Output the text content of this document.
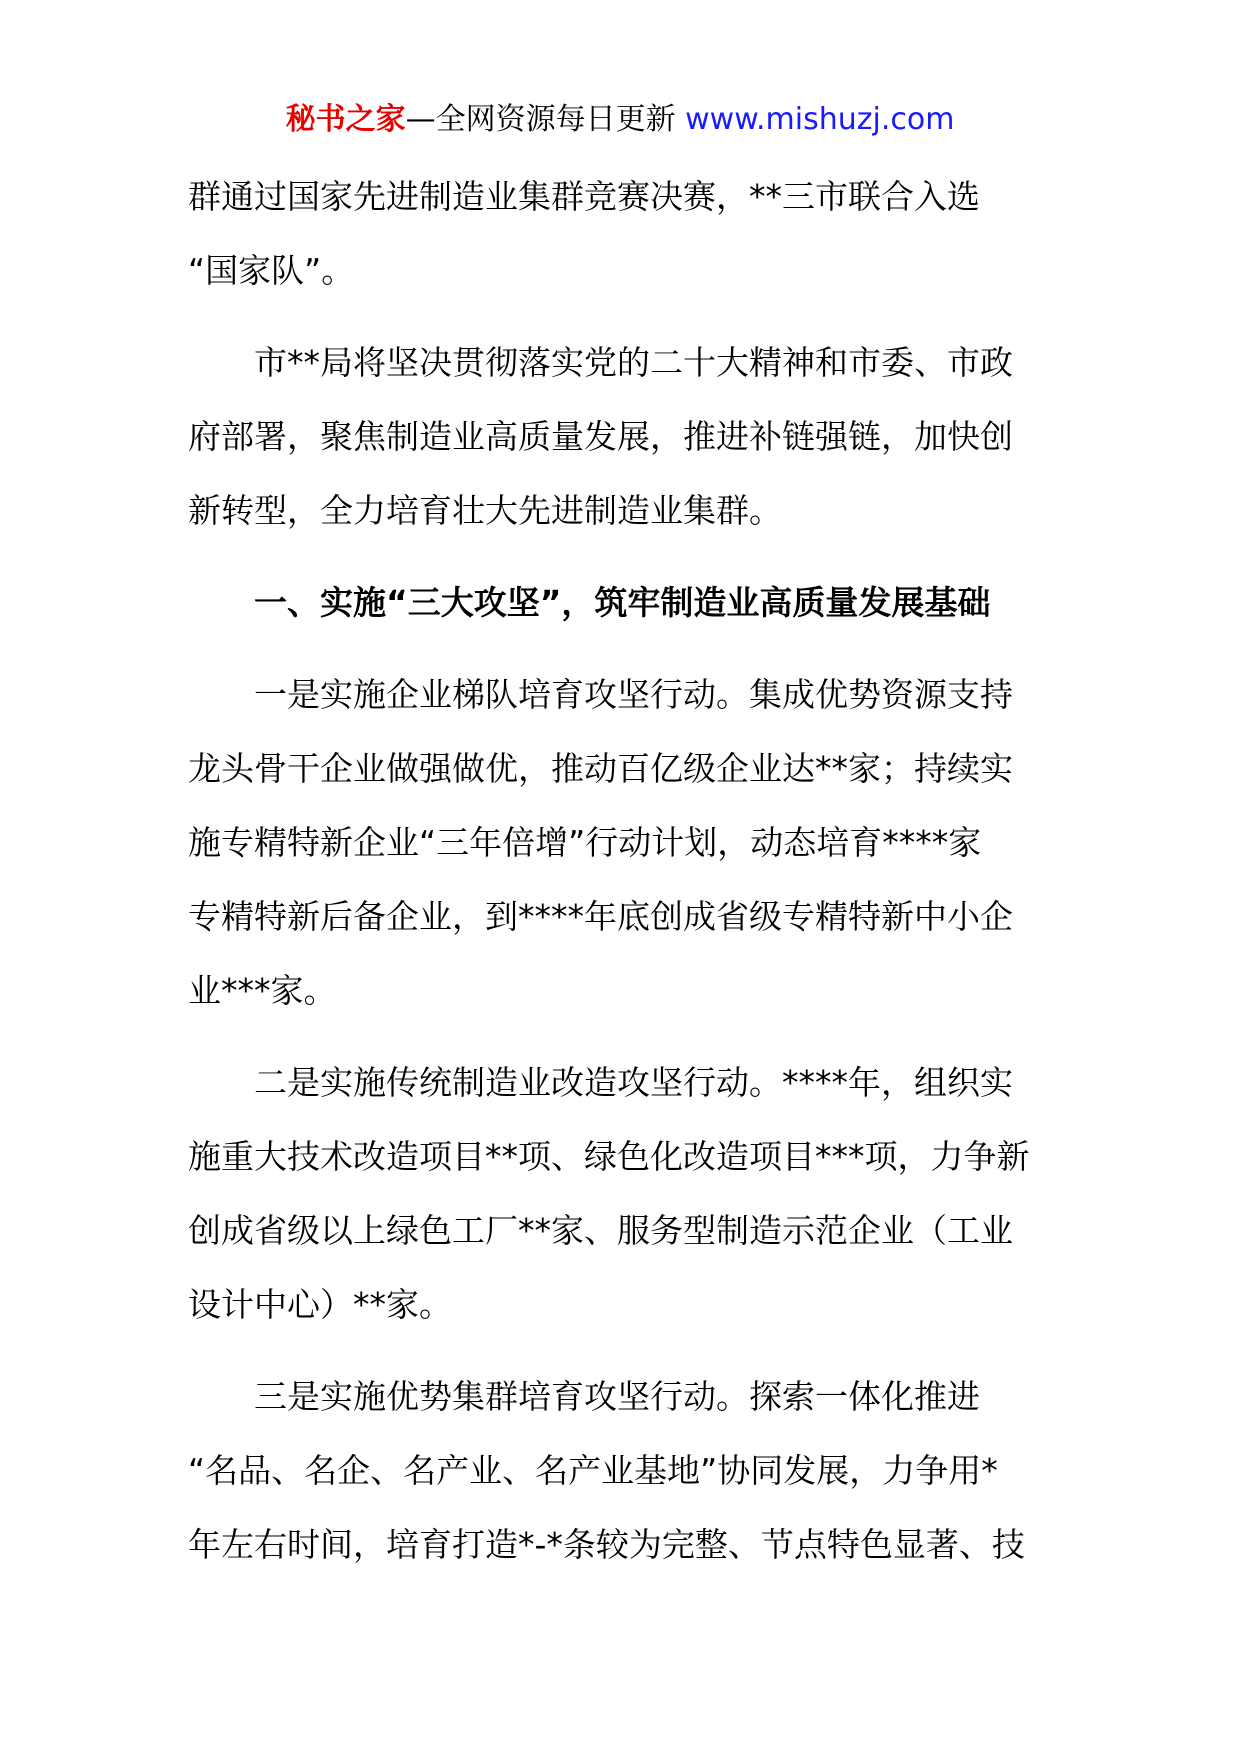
秘书之家—全网资源每日更新 www.mishuzj.com
群通过国家先进制造业集群竞赛决赛，**三市联合入选
“国家队”。
市**局将坚决贯彻落实党的二十大精神和市委、市政
府部署，聚焦制造业高质量发展，推进补链强链，加快创
新转型，全力培育壮大先进制造业集群。
一、实施“三大攻坚”，筑牢制造业高质量发展基础
一是实施企业梯队培育攻坚行动。集成优势资源支持
龙头骨干企业做强做优，推动百亿级企业达**家；持续实
施专精特新企业“三年倍增”行动计划，动态培育****家
专精特新后备企业，到****年底创成省级专精特新中小企
业***家。
二是实施传统制造业改造攻坚行动。****年，组织实
施重大技术改造项目**项、绿色化改造项目***项，力争新
创成省级以上绿色工厂**家、服务型制造示范企业（工业
设计中心）**家。
三是实施优势集群培育攻坚行动。探索一体化推进
“名品、名企、名产业、名产业基地”协同发展，力争用*
年左右时间，培育打造*-*条较为完整、节点特色显著、技
